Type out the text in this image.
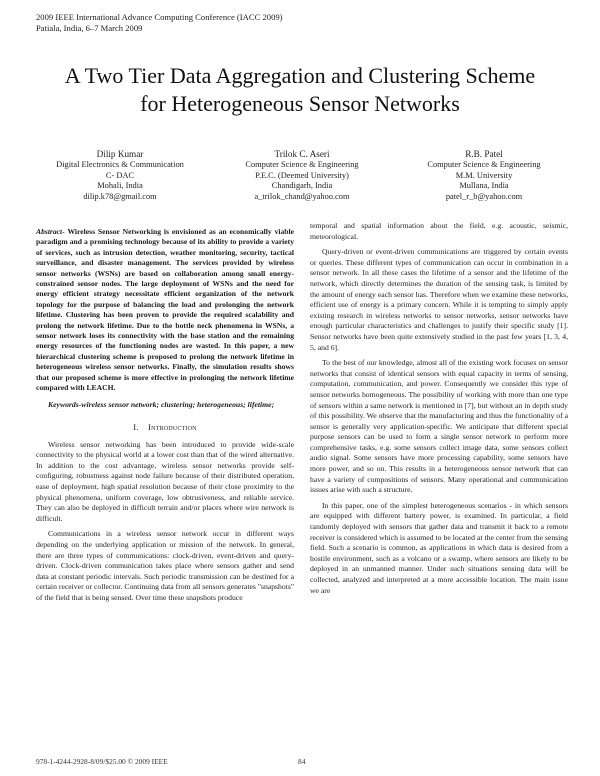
2009 IEEE International Advance Computing Conference (IACC 2009)
Patiala, India, 6–7 March 2009
A Two Tier Data Aggregation and Clustering Scheme
for Heterogeneous Sensor Networks
Dilip Kumar
Digital Electronics & Communication
C- DAC
Mohali, India
dilip.k78@gmail.com
Trilok C. Aseri
Computer Science & Engineering
P.E.C. (Deemed University)
Chandigarh, India
a_trilok_chand@yahoo.com
R.B. Patel
Computer Science & Engineering
M.M. University
Mullana, India
patel_r_b@yahoo.com

Abstract- Wireless Sensor Networking is envisioned as an economically viable paradigm and a promising technology because of its ability to provide a variety of services, such as intrusion detection, weather monitoring, security, tactical surveillance, and disaster management. The services provided by wireless sensor networks (WSNs) are based on collaboration among small energy-constrained sensor nodes. The large deployment of WSNs and the need for energy efficient strategy necessitate efficient organization of the network topology for the purpose of balancing the load and prolonging the network lifetime. Clustering has been proven to provide the required scalability and prolong the network lifetime. Due to the bottle neck phenomena in WSNs, a sensor network loses its connectivity with the base station and the remaining energy resources of the functioning nodes are wasted. In this paper, a new hierarchical clustering scheme is proposed to prolong the network lifetime in heterogeneous wireless sensor networks. Finally, the simulation results shows that our proposed scheme is more effective in prolonging the network lifetime compared with LEACH.

Keywords-wireless sensor network; clustering; heterogeneous; lifetime;

I. Introduction

Wireless sensor networking has been introduced to provide wide-scale connectivity to the physical world at a lower cost than that of the wired alternative. In addition to the cost advantage, wireless sensor networks provide self-configuring, robustness against node failure because of their distributed operation, ease of deployment, high spatial resolution because of their close proximity to the physical phenomena, uniform coverage, low obtrusiveness, and reliable service. They can also be deployed in difficult terrain and/or places where wire network is difficult.

Communications in a wireless sensor network occur in different ways depending on the underlying application or mission of the network. In general, there are three types of communications: clock-driven, event-driven and query-driven. Clock-driven communication takes place where sensors gather and send data at constant periodic intervals. Such periodic transmission can be destined for a certain receiver or collector. Continuing data from all sensors generates "snapshots" of the field that is being sensed. Over time these snapshots produce

temporal and spatial information about the field, e.g. acoustic, seismic, meteorological.

Query-driven or event-driven communications are triggered by certain events or queries. These different types of communication can occur in combination in a sensor network. In all these cases the lifetime of a sensor and the lifetime of the network, which directly determines the duration of the sensing task, is limited by the amount of energy each sensor has. Therefore when we examine these networks, efficient use of energy is a primary concern. While it is tempting to simply apply existing research in wireless networks to sensor networks, sensor networks have enough particular characteristics and challenges to justify their specific study [1]. Sensor networks have been quite extensively studied in the past few years [1, 3, 4, 5, and 6].

To the best of our knowledge, almost all of the existing work focuses on sensor networks that consist of identical sensors with equal capacity in terms of sensing, computation, communication, and power. Consequently we consider this type of sensor networks homogeneous. The possibility of working with more than one type of sensors within a same network is mentioned in [7], but without an in depth study of this possibility. We observe that the manufacturing and thus the functionality of a sensor is generally very application-specific. We anticipate that different special purpose sensors can be used to form a single sensor network to perform more comprehensive tasks, e.g. some sensors collect image data, some sensors collect audio signal. Some sensors have more processing capability, some sensors have more power, and so on. This results in a heterogeneous sensor network that can have a variety of compositions of sensors. Many operational and communication issues arise with such a structure.

In this paper, one of the simplest heterogeneous scenarios - in which sensors are equipped with different battery power, is examined. In particular, a field randomly deployed with sensors that gather data and transmit it back to a remote receiver is considered which is assumed to be located at the center from the sensing field. Such a scenario is common, as applications in which data is desired from a hostile environment, such as a volcano or a swamp, where sensors are likely to be deployed in an unmanned manner. Under such situations sensing data will be collected, analyzed and interpreted at a more accessible location. The main issue we are

978-1-4244-2928-8/09/$25.00 © 2009 IEEE	84
